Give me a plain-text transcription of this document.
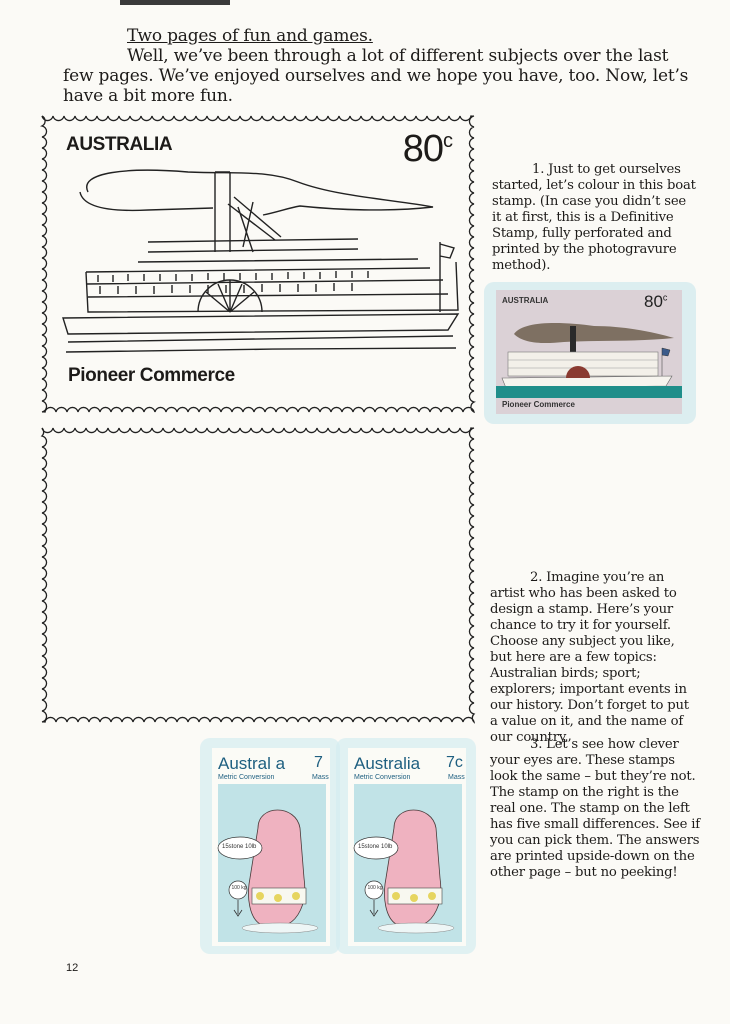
Two pages of fun and games.
Well, we’ve been through a lot of different subjects over the last few pages. We’ve enjoyed ourselves and we hope you have, too. Now, let’s have a bit more fun.
AUSTRALIA	80$^c$
Pioneer Commerce

1. Just to get ourselves started, let’s colour in this boat stamp. (In case you didn’t see it at first, this is a Definitive Stamp, fully perforated and printed by the photogravure method).

AUSTRALIA	80$^c$
Pioneer Commerce

2. Imagine you’re an artist who has been asked to design a stamp. Here’s your chance to try it for yourself. Choose any subject you like, but here are a few topics: Australian birds; sport; explorers; important events in our history. Don’t forget to put a value on it, and the name of our country.

3. Let’s see how clever your eyes are. These stamps look the same – but they’re not. The stamp on the right is the real one. The stamp on the left has five small differences. See if you can pick them. The answers are printed upside-down on the other page – but no peeking!

Austral a 7
Metric Conversion	Mass
15stone 10lb
100 kg
Australia 7c
Metric Conversion	Mass
15stone 10lb
100 kg
12
